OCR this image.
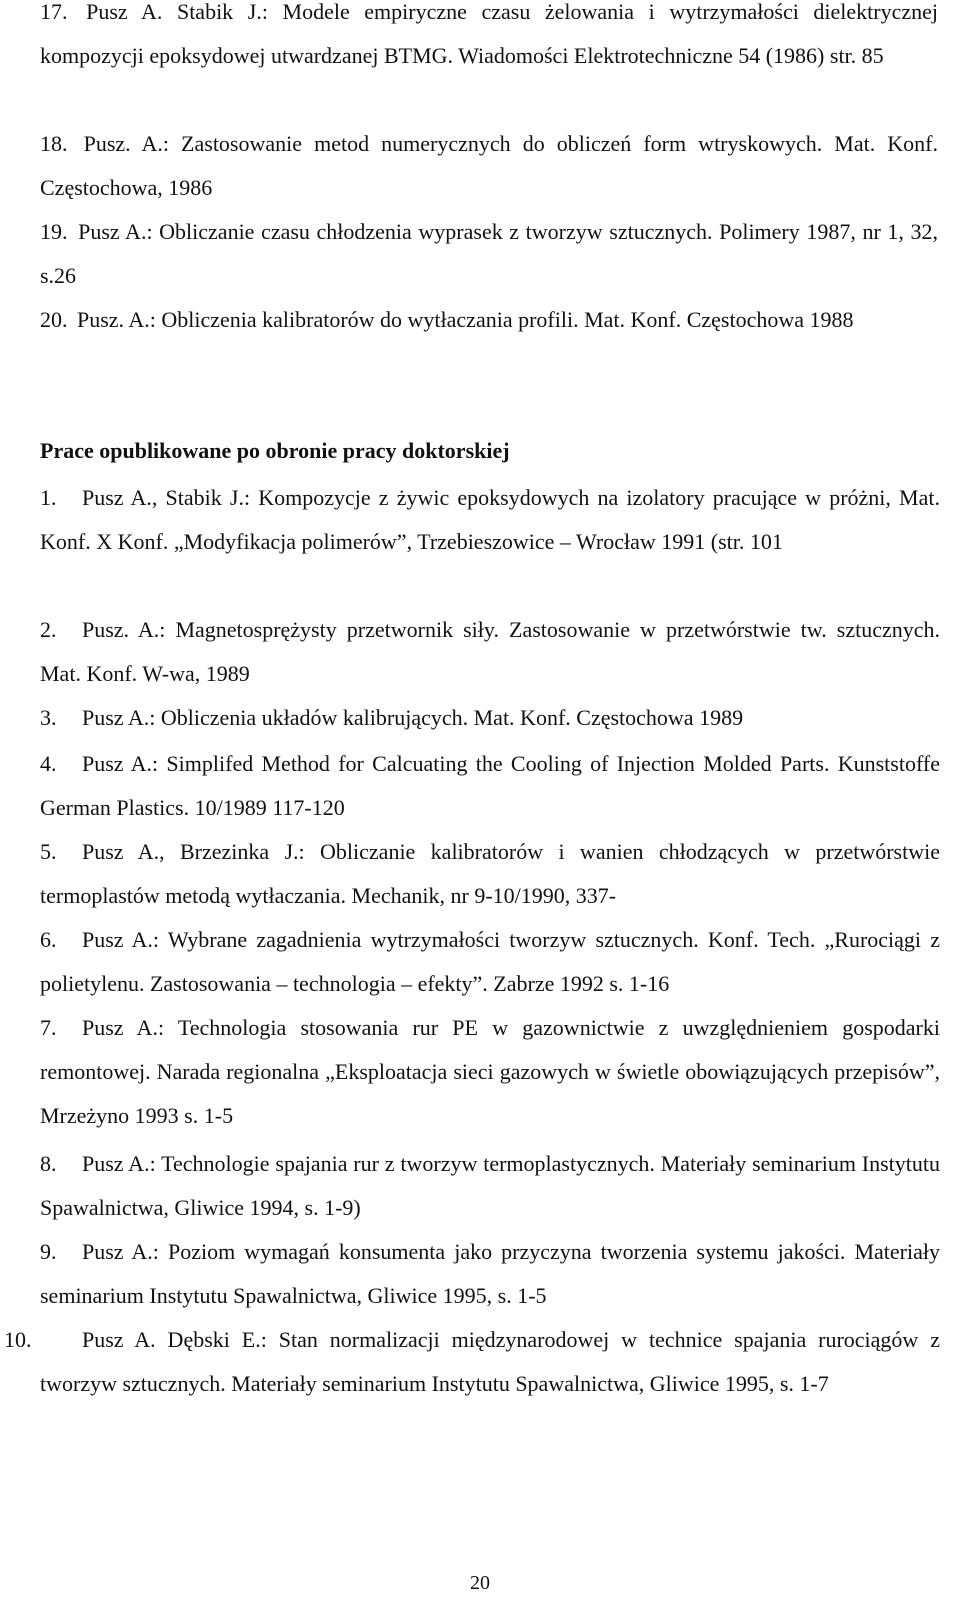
17. Pusz A. Stabik J.: Modele empiryczne czasu żelowania i wytrzymałości dielektrycznej kompozycji epoksydowej utwardzanej BTMG. Wiadomości Elektrotechniczne 54 (1986) str. 85
18. Pusz. A.: Zastosowanie metod numerycznych do obliczeń form wtryskowych. Mat. Konf. Częstochowa, 1986
19. Pusz A.: Obliczanie czasu chłodzenia wyprasek z tworzyw sztucznych. Polimery 1987, nr 1, 32, s.26
20. Pusz. A.: Obliczenia kalibratorów do wytłaczania profili. Mat. Konf. Częstochowa 1988
Prace opublikowane po obronie pracy doktorskiej
1.	Pusz A., Stabik J.: Kompozycje z żywic epoksydowych na izolatory pracujące w próżni, Mat. Konf. X Konf. „Modyfikacja polimerów”, Trzebieszowice – Wrocław 1991 (str. 101
2.	Pusz. A.: Magnetosprężysty przetwornik siły. Zastosowanie w przetwórstwie tw. sztucznych. Mat. Konf. W-wa, 1989
3.	Pusz A.: Obliczenia układów kalibrujących. Mat. Konf. Częstochowa 1989
4.	Pusz A.: Simplifed Method for Calcuating the Cooling of Injection Molded Parts. Kunststoffe German Plastics. 10/1989 117-120
5.	Pusz A., Brzezinka J.: Obliczanie kalibratorów i wanien chłodzących w przetwórstwie termoplastów metodą wytłaczania. Mechanik, nr 9-10/1990, 337-
6.	Pusz A.: Wybrane zagadnienia wytrzymałości tworzyw sztucznych. Konf. Tech. „Rurociągi z polietylenu. Zastosowania – technologia – efekty”. Zabrze 1992 s. 1-16
7.	Pusz A.: Technologia stosowania rur PE w gazownictwie z uwzględnieniem gospodarki remontowej. Narada regionalna „Eksploatacja sieci gazowych w świetle obowiązujących przepisów”, Mrzeżyno 1993 s. 1-5
8.	Pusz A.: Technologie spajania rur z tworzyw termoplastycznych. Materiały seminarium Instytutu Spawalnictwa, Gliwice 1994, s. 1-9)
9.	Pusz A.: Poziom wymagań konsumenta jako przyczyna tworzenia systemu jakości. Materiały seminarium Instytutu Spawalnictwa, Gliwice 1995, s. 1-5
10.	Pusz A. Dębski E.: Stan normalizacji międzynarodowej w technice spajania rurociągów z tworzyw sztucznych. Materiały seminarium Instytutu Spawalnictwa, Gliwice 1995, s. 1-7
20
